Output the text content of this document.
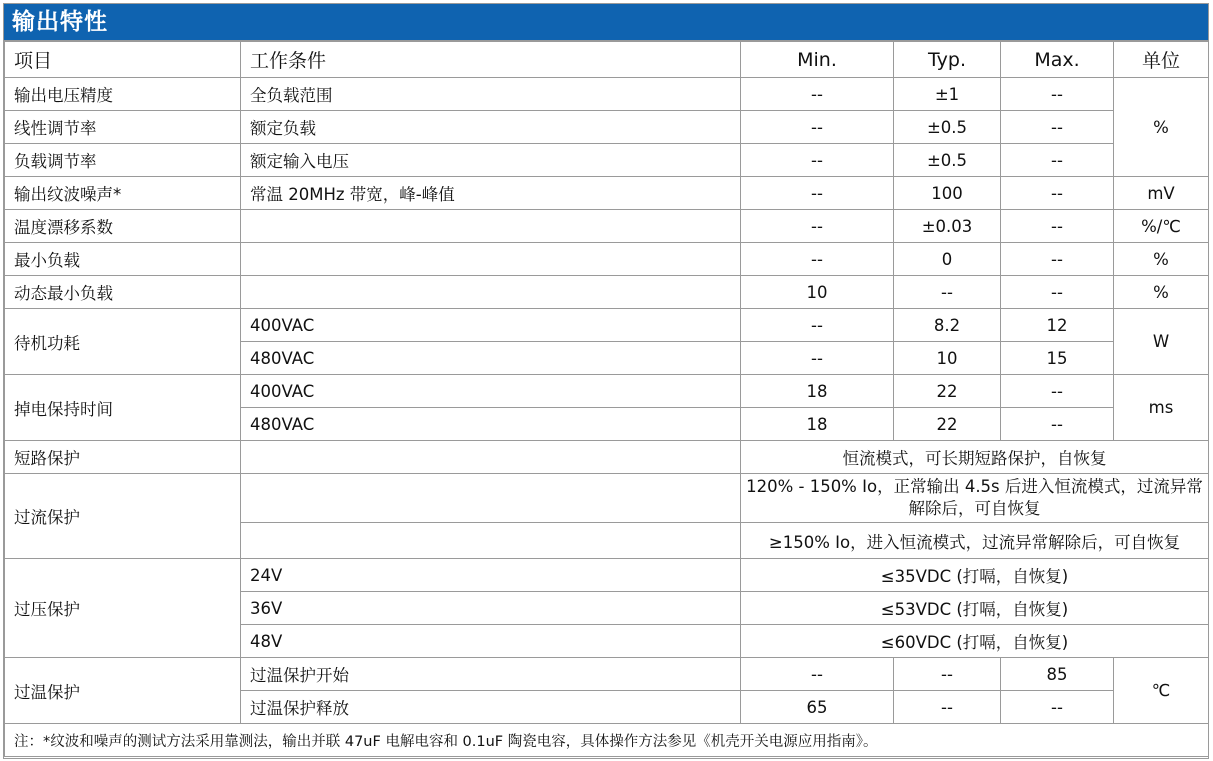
输出特性
项目	工作条件	Min.	Typ.	Max.	单位
输出电压精度	全负载范围	--	±1	--	%
线性调节率	额定负载	--	±0.5	--	
负载调节率	额定输入电压	--	±0.5	--	
输出纹波噪声*	常温 20MHz 带宽，峰-峰值	--	100	--	mV
温度漂移系数		--	±0.03	--	%/℃
最小负载		--	0	--	%
动态最小负载		10	--	--	%
待机功耗	400VAC	--	8.2	12	W
	480VAC	--	10	15	
掉电保持时间	400VAC	18	22	--	ms
	480VAC	18	22	--	
短路保护		恒流模式，可长期短路保护，自恢复			
过流保护		120% - 150% Io，正常输出 4.5s 后进入恒流模式，过流异常解除后，可自恢复			
		≥150% Io，进入恒流模式，过流异常解除后，可自恢复			
过压保护	24V	≤35VDC (打嗝，自恢复)			
	36V	≤53VDC (打嗝，自恢复)			
	48V	≤60VDC (打嗝，自恢复)			
过温保护	过温保护开始	--	--	85	℃
	过温保护释放	65	--	--	
注：*纹波和噪声的测试方法采用靠测法，输出并联 47uF 电解电容和 0.1uF 陶瓷电容，具体操作方法参见《机壳开关电源应用指南》。					
